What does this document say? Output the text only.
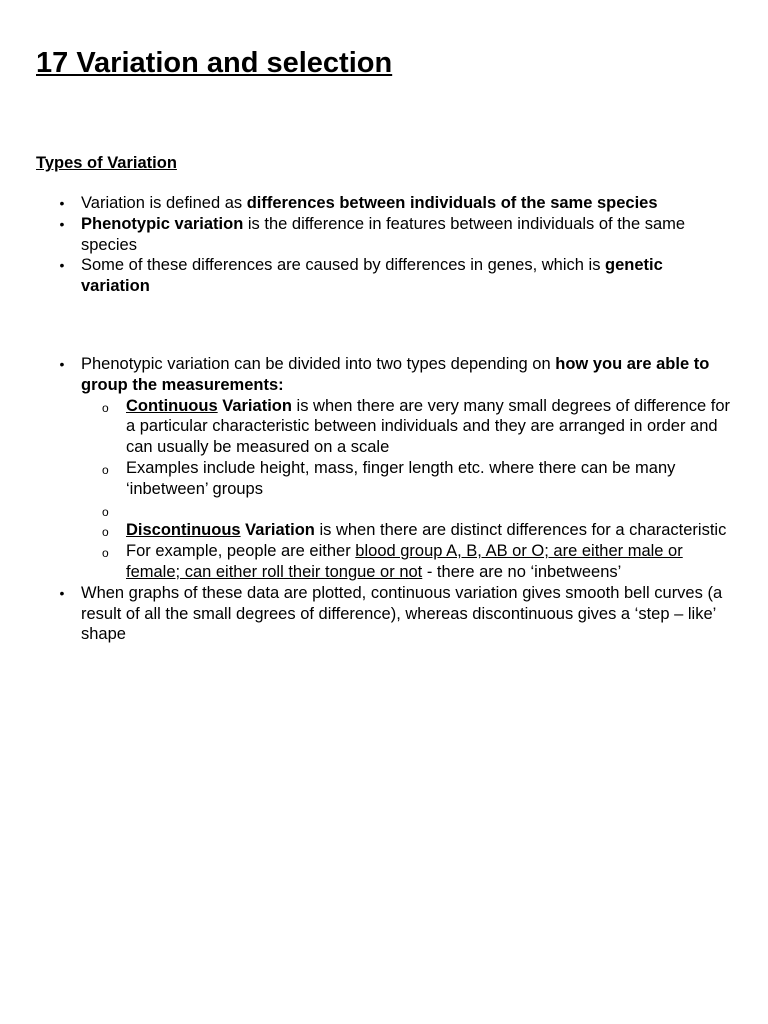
17 Variation and selection
Types of Variation
• Variation is defined as differences between individuals of the same species
• Phenotypic variation is the difference in features between individuals of the same species
• Some of these differences are caused by differences in genes, which is genetic variation
• Phenotypic variation can be divided into two types depending on how you are able to group the measurements:
o Continuous Variation is when there are very many small degrees of difference for a particular characteristic between individuals and they are arranged in order and can usually be measured on a scale
o Examples include height, mass, finger length etc. where there can be many ‘inbetween’ groups
o
o Discontinuous Variation is when there are distinct differences for a characteristic
o For example, people are either blood group A, B, AB or O; are either male or female; can either roll their tongue or not - there are no ‘inbetweens’
• When graphs of these data are plotted, continuous variation gives smooth bell curves (a result of all the small degrees of difference), whereas discontinuous gives a ‘step – like’ shape
